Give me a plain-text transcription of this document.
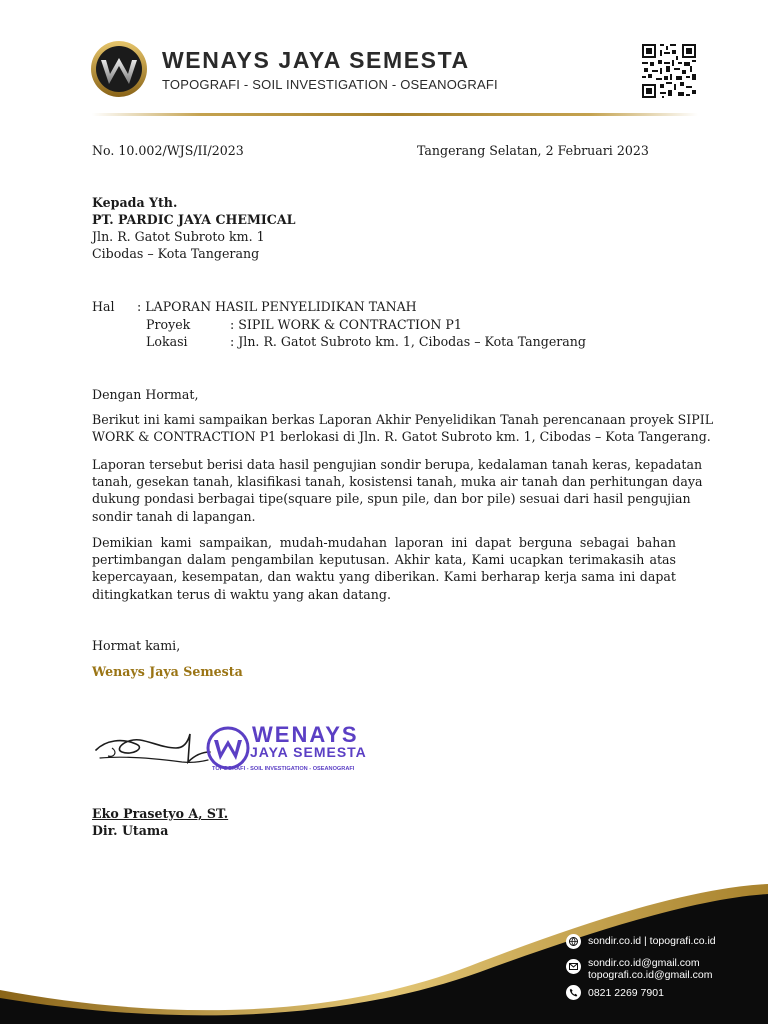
WENAYS JAYA SEMESTA
TOPOGRAFI - SOIL INVESTIGATION - OSEANOGRAFI
No. 10.002/WJS/II/2023	Tangerang Selatan, 2 Februari 2023
Kepada Yth.
PT. PARDIC JAYA CHEMICAL
Jln. R. Gatot Subroto km. 1
Cibodas – Kota Tangerang
Hal : LAPORAN HASIL PENYELIDIKAN TANAH
Proyek	: SIPIL WORK & CONTRACTION P1
Lokasi	: Jln. R. Gatot Subroto km. 1, Cibodas – Kota Tangerang
Dengan Hormat,
Berikut ini kami sampaikan berkas Laporan Akhir Penyelidikan Tanah perencanaan proyek SIPIL
WORK & CONTRACTION P1 berlokasi di Jln. R. Gatot Subroto km. 1, Cibodas – Kota Tangerang.
Laporan tersebut berisi data hasil pengujian sondir berupa, kedalaman tanah keras, kepadatan
tanah, gesekan tanah, klasifikasi tanah, kosistensi tanah, muka air tanah dan perhitungan daya
dukung pondasi berbagai tipe(square pile, spun pile, dan bor pile) sesuai dari hasil pengujian
sondir tanah di lapangan.
Demikian kami sampaikan, mudah-mudahan laporan ini dapat berguna sebagai bahan
pertimbangan dalam pengambilan keputusan. Akhir kata, Kami ucapkan terimakasih atas
kepercayaan, kesempatan, dan waktu yang diberikan. Kami berharap kerja sama ini dapat
ditingkatkan terus di waktu yang akan datang.
Hormat kami,
Wenays Jaya Semesta
WENAYS
JAYA SEMESTA
TOPOGRAFI - SOIL INVESTIGATION - OSEANOGRAFI
Eko Prasetyo A, ST.
Dir. Utama
sondir.co.id | topografi.co.id
sondir.co.id@gmail.com
topografi.co.id@gmail.com
0821 2269 7901
